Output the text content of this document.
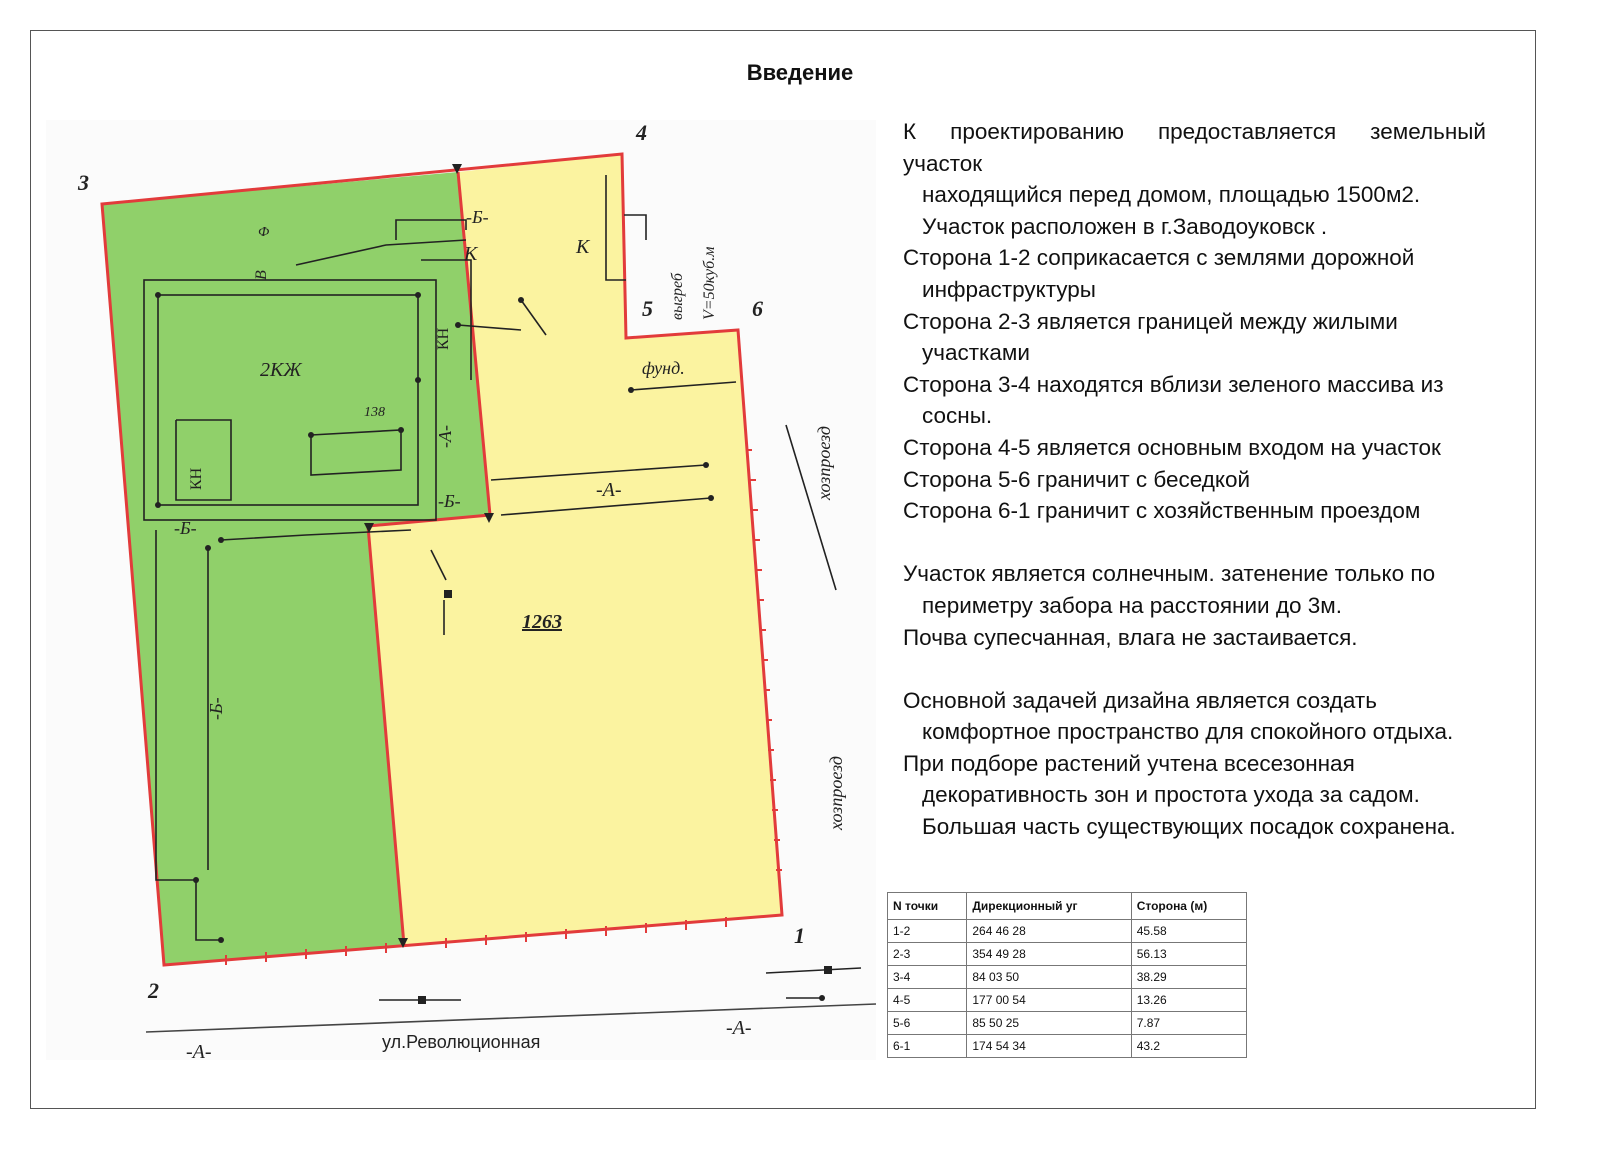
Введение
3
4
5	6
1
2
2КЖ
138
1263
фунд.
К	К
-Б-
-Б-
-Б-
-А-
-А-
-А-	ул.Революционная
хозпроезд
хозпроезд
выгреб V=50куб.м
КН
КН
-А-
-Б-
В
Ф

К проектированию предоставляется земельный участок
находящийся перед домом, площадью 1500м2.
Участок расположен в г.Заводоуковск .

Сторона 1-2 соприкасается с землями дорожной
инфраструктуры

Сторона 2-3 является границей между жилыми
участками

Сторона 3-4 находятся вблизи зеленого массива из
сосны.

Сторона 4-5 является основным входом на участок

Сторона 5-6 граничит с беседкой

Сторона 6-1 граничит с хозяйственным проездом

Участок является солнечным. затенение только по
периметру забора на расстоянии до 3м.

Почва супесчанная, влага не застаивается.

Основной задачей дизайна является создать
комфортное пространство для спокойного отдыха.

При подборе растений учтена всесезонная
декоративность зон и простота ухода за садом.
Большая часть существующих посадок сохранена.

N точки	Дирекционный уг	Сторона (м)
1-2	264 46 28	45.58
2-3	354 49 28	56.13
3-4	84 03 50	38.29
4-5	177 00 54	13.26
5-6	85 50 25	7.87
6-1	174 54 34	43.2
